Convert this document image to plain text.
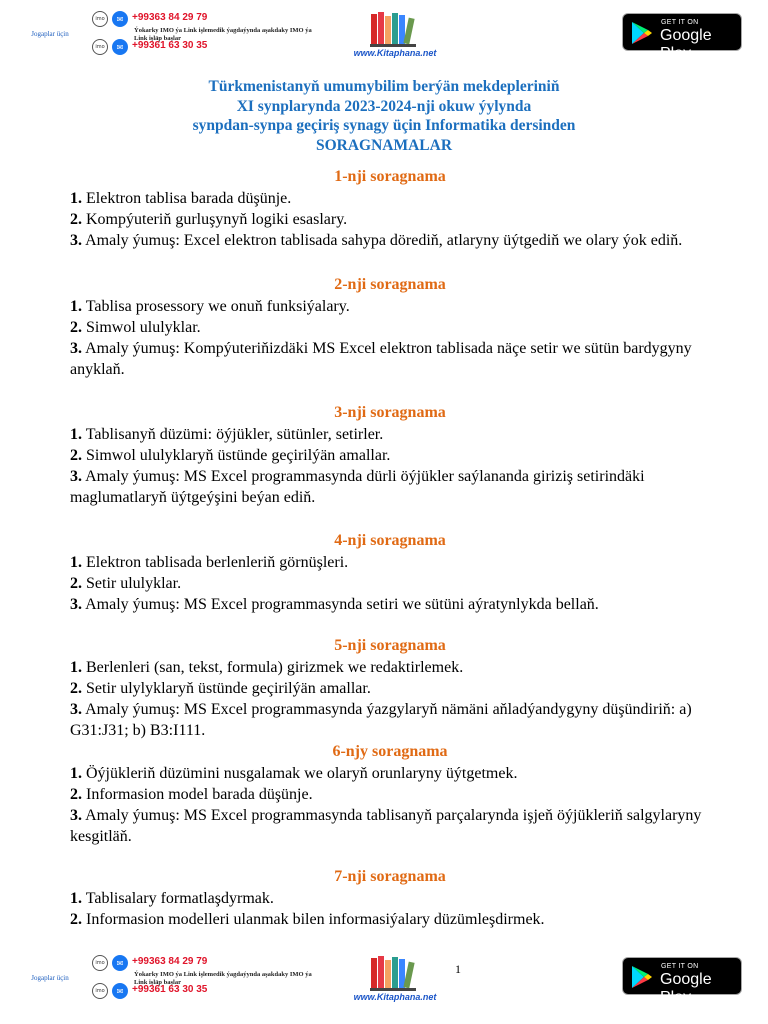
Jogaplar üçin
imo	✉ +99363 84 29 79
Ýokarky IMO ýa Link işlemedik ýagdaýynda aşakdaky IMO ýa Link işläp başlar
imo	✉ +99361 63 30 35
www.Kitaphana.net
GET IT ON
Google Play
Türkmenistanyň umumybilim berýän mekdepleriniň
XI synplarynda 2023-2024-nji okuw ýylynda
synpdan-synpa geçiriş synagy üçin Informatika dersinden
SORAGNAMALAR
1-nji soragnama

1. Elektron tablisa barada düşünje.

2. Kompýuteriň gurluşynyň logiki esaslary.

3. Amaly ýumuş: Excel elektron tablisada sahypa dörediň, atlaryny üýtgediň we olary ýok ediň.

2-nji soragnama

1. Tablisa prosessory we onuň funksiýalary.

2. Simwol ululyklar.

3. Amaly ýumuş: Kompýuteriňizdäki MS Excel elektron tablisada näçe setir we sütün bardygyny anyklaň.

3-nji soragnama

1. Tablisanyň düzümi: öýjükler, sütünler, setirler.

2. Simwol ululyklaryň üstünde geçirilýän amallar.

3. Amaly ýumuş: MS Excel programmasynda dürli öýjükler saýlananda giriziş setirindäki maglumatlaryň üýtgeýşini beýan ediň.

4-nji soragnama

1. Elektron tablisada berlenleriň görnüşleri.

2. Setir ululyklar.

3. Amaly ýumuş: MS Excel programmasynda setiri we sütüni aýratynlykda bellaň.

5-nji soragnama

1. Berlenleri (san, tekst, formula) girizmek we redaktirlemek.

2. Setir ulylyklaryň üstünde geçirilýän amallar.

3. Amaly ýumuş: MS Excel programmasynda ýazgylaryň nämäni aňladýandygyny düşündiriň: a) G31:J31; b) B3:I111.

6-njy soragnama

1. Öýjükleriň düzümini nusgalamak we olaryň orunlaryny üýtgetmek.

2. Informasion model barada düşünje.

3. Amaly ýumuş: MS Excel programmasynda tablisanyň parçalarynda işjeň öýjükleriň salgylaryny kesgitläň.

7-nji soragnama

1. Tablisalary formatlaşdyrmak.

2. Informasion modelleri ulanmak bilen informasiýalary düzümleşdirmek.

Jogaplar üçin
imo	✉ +99363 84 29 79
Ýokarky IMO ýa Link işlemedik ýagdaýynda aşakdaky IMO ýa Link işläp başlar
imo	✉ +99361 63 30 35
www.Kitaphana.net
1	GET IT ON
Google Play
